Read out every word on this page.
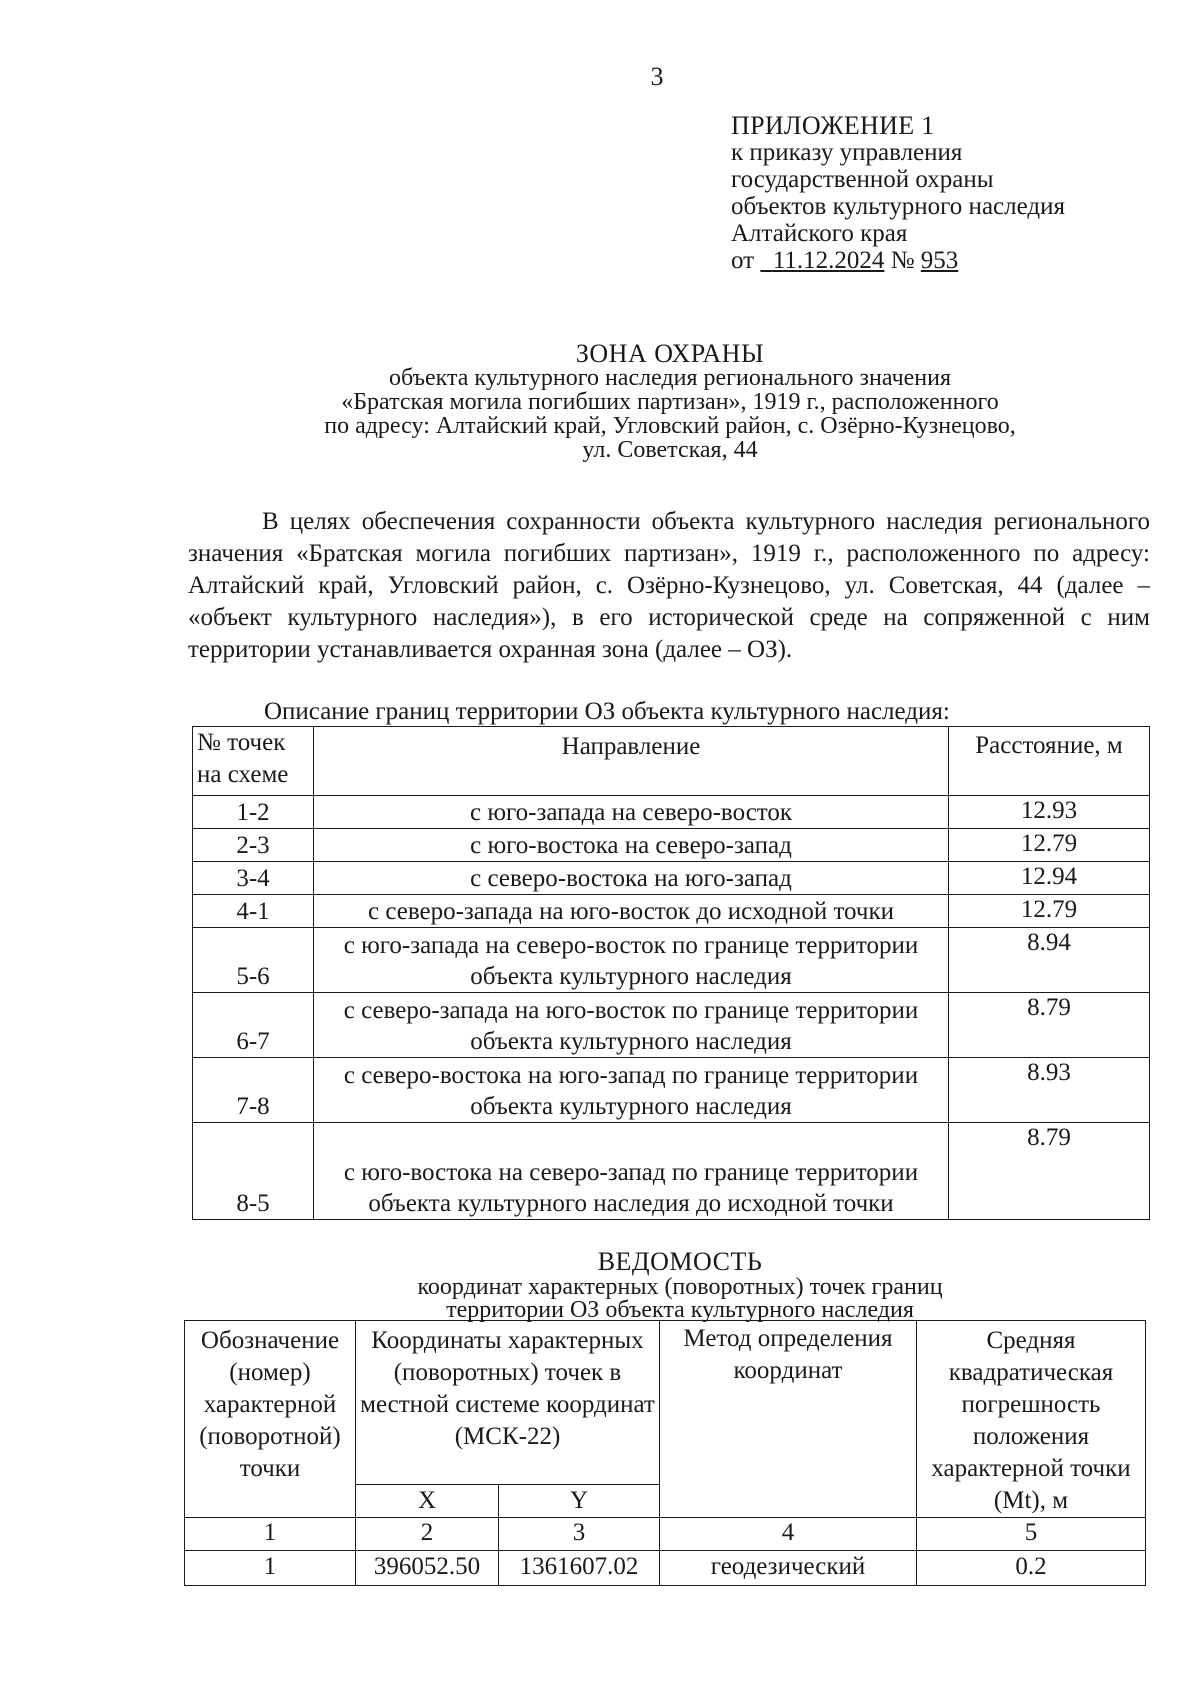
3
ПРИЛОЖЕНИЕ 1
к приказу управления
государственной охраны
объектов культурного наследия
Алтайского края
от 11.12.2024 № 953
ЗОНА ОХРАНЫ
объекта культурного наследия регионального значения
«Братская могила погибших партизан», 1919 г., расположенного
по адресу: Алтайский край, Угловский район, с. Озёрно-Кузнецово,
ул. Советская, 44

В целях обеспечения сохранности объекта культурного наследия регионального значения «Братская могила погибших партизан», 1919 г., расположенного по адресу: Алтайский край, Угловский район, с. Озёрно-Кузнецово, ул. Советская, 44 (далее – «объект культурного наследия»), в его исторической среде на сопряженной с ним территории устанавливается охранная зона (далее – ОЗ).

Описание границ территории ОЗ объекта культурного наследия:
№ точек на схеме	Направление	Расстояние, м
1-2	с юго-запада на северо-восток	12.93
2-3	с юго-востока на северо-запад	12.79
3-4	с северо-востока на юго-запад	12.94
4-1	с северо-запада на юго-восток до исходной точки	12.79
5-6	с юго-запада на северо-восток по границе территории объекта культурного наследия	8.94
6-7	с северо-запада на юго-восток по границе территории объекта культурного наследия	8.79
7-8	с северо-востока на юго-запад по границе территории объекта культурного наследия	8.93
8-5	с юго-востока на северо-запад по границе территории объекта культурного наследия до исходной точки	8.79
ВЕДОМОСТЬ
координат характерных (поворотных) точек границ
территории ОЗ объекта культурного наследия
Обозначение (номер) характерной (поворотной) точки	Координаты характерных (поворотных) точек в местной системе координат (МСК-22)		Метод определения координат	Средняя квадратическая погрешность положения характерной точки (Mt), м
	X	Y		
1	2	3	4	5
1	396052.50	1361607.02	геодезический	0.2
